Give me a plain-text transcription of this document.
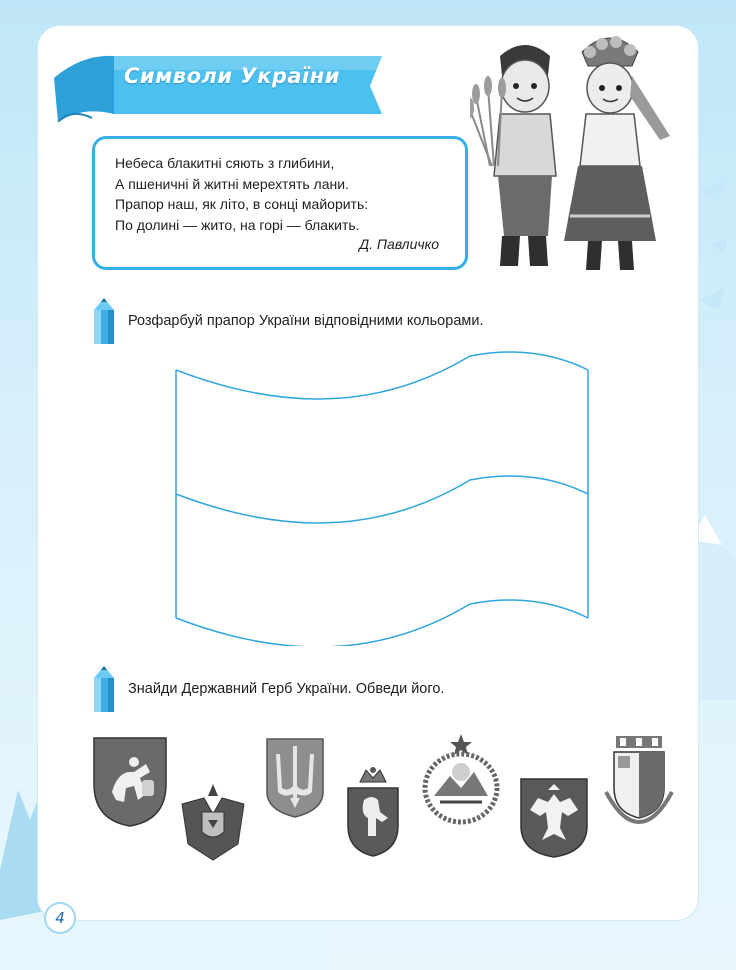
Символи України
Небеса блакитні сяють з глибини,
А пшеничні й житні мерехтять лани.
Прапор наш, як літо, в сонці майорить:
По долині — жито, на горі — блакить.
Д. Павличко
Розфарбуй прапор України відповідними кольорами.
Знайди Державний Герб України. Обведи його.
4
